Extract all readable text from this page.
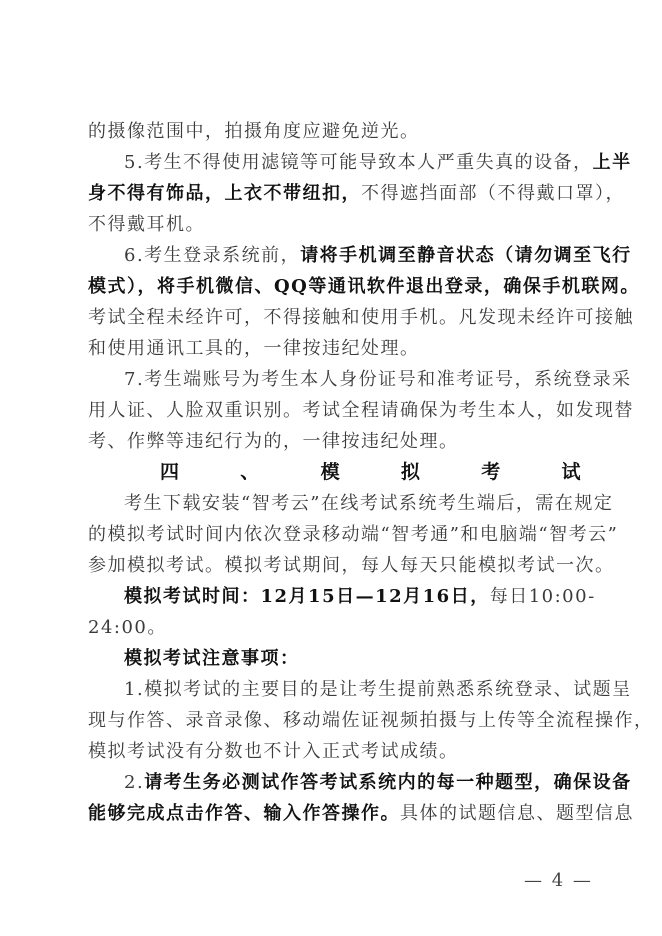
的摄像范围中，拍摄角度应避免逆光。
5.考生不得使用滤镜等可能导致本人严重失真的设备，上半
身不得有饰品，上衣不带纽扣，不得遮挡面部（不得戴口罩），
不得戴耳机。
6.考生登录系统前，请将手机调至静音状态（请勿调至飞行
模式），将手机微信、QQ等通讯软件退出登录，确保手机联网。
考试全程未经许可，不得接触和使用手机。凡发现未经许可接触
和使用通讯工具的，一律按违纪处理。
7.考生端账号为考生本人身份证号和准考证号，系统登录采
用人证、人脸双重识别。考试全程请确保为考生本人，如发现替
考、作弊等违纪行为的，一律按违纪处理。
四、模拟考试
考生下载安装“智考云”在线考试系统考生端后，需在规定
的模拟考试时间内依次登录移动端“智考通”和电脑端“智考云”
参加模拟考试。模拟考试期间，每人每天只能模拟考试一次。
模拟考试时间：12月15日—12月16日，每日10:00-
24:00。
模拟考试注意事项：
1.模拟考试的主要目的是让考生提前熟悉系统登录、试题呈
现与作答、录音录像、移动端佐证视频拍摄与上传等全流程操作，
模拟考试没有分数也不计入正式考试成绩。
2.请考生务必测试作答考试系统内的每一种题型，确保设备
能够完成点击作答、输入作答操作。具体的试题信息、题型信息
— 4 —
